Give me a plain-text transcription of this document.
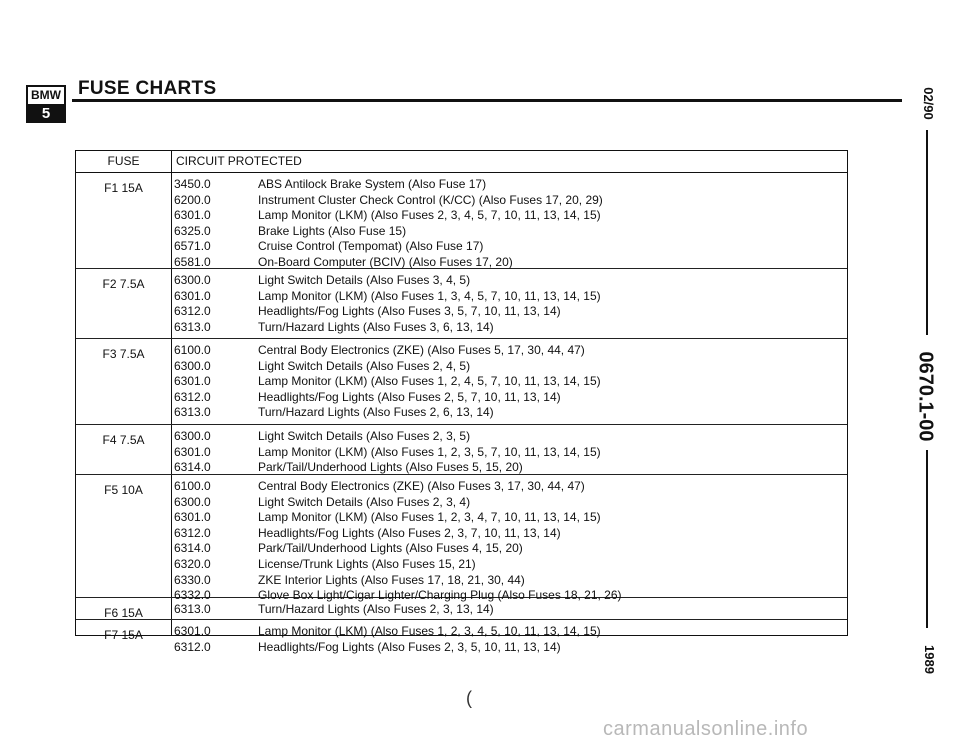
BMW
5
FUSE CHARTS
FUSE	CIRCUIT PROTECTED
F1 15A	3450.0	ABS Antilock Brake System (Also Fuse 17)
6200.0	Instrument Cluster Check Control (K/CC) (Also Fuses 17, 20, 29)
6301.0	Lamp Monitor (LKM) (Also Fuses 2, 3, 4, 5, 7, 10, 11, 13, 14, 15)
6325.0	Brake Lights (Also Fuse 15)
6571.0	Cruise Control (Tempomat) (Also Fuse 17)
6581.0	On-Board Computer (BCIV) (Also Fuses 17, 20)
F2 7.5A	6300.0	Light Switch Details (Also Fuses 3, 4, 5)
6301.0	Lamp Monitor (LKM) (Also Fuses 1, 3, 4, 5, 7, 10, 11, 13, 14, 15)
6312.0	Headlights/Fog Lights (Also Fuses 3, 5, 7, 10, 11, 13, 14)
6313.0	Turn/Hazard Lights (Also Fuses 3, 6, 13, 14)
F3 7.5A	6100.0	Central Body Electronics (ZKE) (Also Fuses 5, 17, 30, 44, 47)
6300.0	Light Switch Details (Also Fuses 2, 4, 5)
6301.0	Lamp Monitor (LKM) (Also Fuses 1, 2, 4, 5, 7, 10, 11, 13, 14, 15)
6312.0	Headlights/Fog Lights (Also Fuses 2, 5, 7, 10, 11, 13, 14)
6313.0	Turn/Hazard Lights (Also Fuses 2, 6, 13, 14)
F4 7.5A	6300.0	Light Switch Details (Also Fuses 2, 3, 5)
6301.0	Lamp Monitor (LKM) (Also Fuses 1, 2, 3, 5, 7, 10, 11, 13, 14, 15)
6314.0	Park/Tail/Underhood Lights (Also Fuses 5, 15, 20)
F5 10A	6100.0	Central Body Electronics (ZKE) (Also Fuses 3, 17, 30, 44, 47)
6300.0	Light Switch Details (Also Fuses 2, 3, 4)
6301.0	Lamp Monitor (LKM) (Also Fuses 1, 2, 3, 4, 7, 10, 11, 13, 14, 15)
6312.0	Headlights/Fog Lights (Also Fuses 2, 3, 7, 10, 11, 13, 14)
6314.0	Park/Tail/Underhood Lights (Also Fuses 4, 15, 20)
6320.0	License/Trunk Lights (Also Fuses 15, 21)
6330.0	ZKE Interior Lights (Also Fuses 17, 18, 21, 30, 44)
6332.0	Glove Box Light/Cigar Lighter/Charging Plug (Also Fuses 18, 21, 26)
F6 15A	6313.0	Turn/Hazard Lights (Also Fuses 2, 3, 13, 14)
F7 15A	6301.0	Lamp Monitor (LKM) (Also Fuses 1, 2, 3, 4, 5, 10, 11, 13, 14, 15)
6312.0	Headlights/Fog Lights (Also Fuses 2, 3, 5, 10, 11, 13, 14)
02/90
0670.1-00
1989
(
carmanualsonline.info
